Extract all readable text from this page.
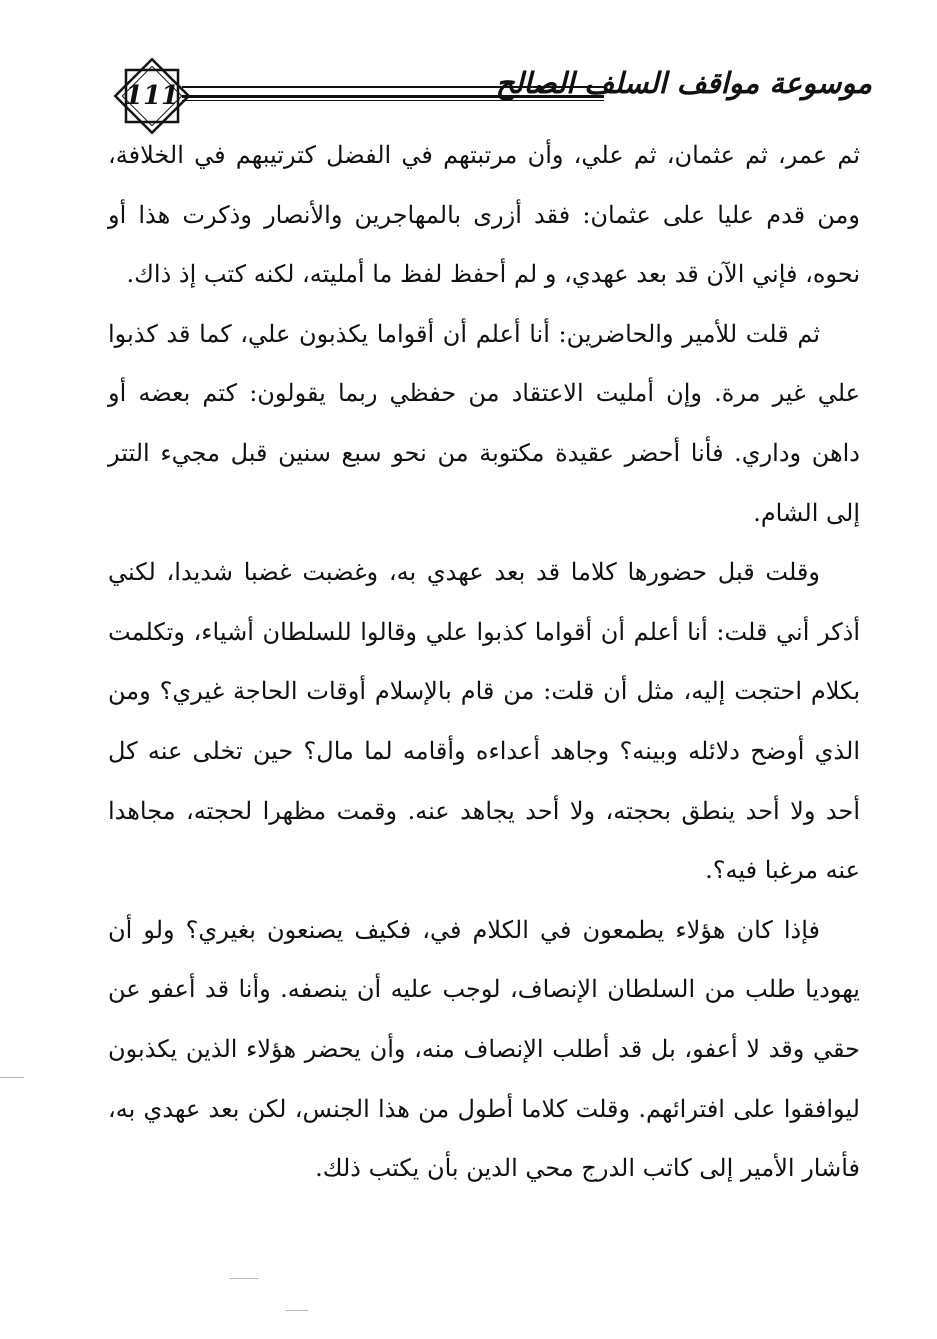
111	موسوعة مواقف السلف الصالح

ثم عمر، ثم عثمان، ثم علي، وأن مرتبتهم في الفضل كترتيبهم في الخلافة، ومن قدم عليا على عثمان: فقد أزرى بالمهاجرين والأنصار وذكرت هذا أو نحوه، فإني الآن قد بعد عهدي، و لم أحفظ لفظ ما أمليته، لكنه كتب إذ ذاك.

ثم قلت للأمير والحاضرين: أنا أعلم أن أقواما يكذبون علي، كما قد كذبوا علي غير مرة. وإن أمليت الاعتقاد من حفظي ربما يقولون: كتم بعضه أو داهن وداري. فأنا أحضر عقيدة مكتوبة من نحو سبع سنين قبل مجيء التتر إلى الشام.

وقلت قبل حضورها كلاما قد بعد عهدي به، وغضبت غضبا شديدا، لكني أذكر أني قلت: أنا أعلم أن أقواما كذبوا علي وقالوا للسلطان أشياء، وتكلمت بكلام احتجت إليه، مثل أن قلت: من قام بالإسلام أوقات الحاجة غيري؟ ومن الذي أوضح دلائله وبينه؟ وجاهد أعداءه وأقامه لما مال؟ حين تخلى عنه كل أحد ولا أحد ينطق بحجته، ولا أحد يجاهد عنه. وقمت مظهرا لحجته، مجاهدا عنه مرغبا فيه؟.

فإذا كان هؤلاء يطمعون في الكلام في، فكيف يصنعون بغيري؟ ولو أن يهوديا طلب من السلطان الإنصاف، لوجب عليه أن ينصفه. وأنا قد أعفو عن حقي وقد لا أعفو، بل قد أطلب الإنصاف منه، وأن يحضر هؤلاء الذين يكذبون ليوافقوا على افترائهم. وقلت كلاما أطول من هذا الجنس، لكن بعد عهدي به، فأشار الأمير إلى كاتب الدرج محي الدين بأن يكتب ذلك.
